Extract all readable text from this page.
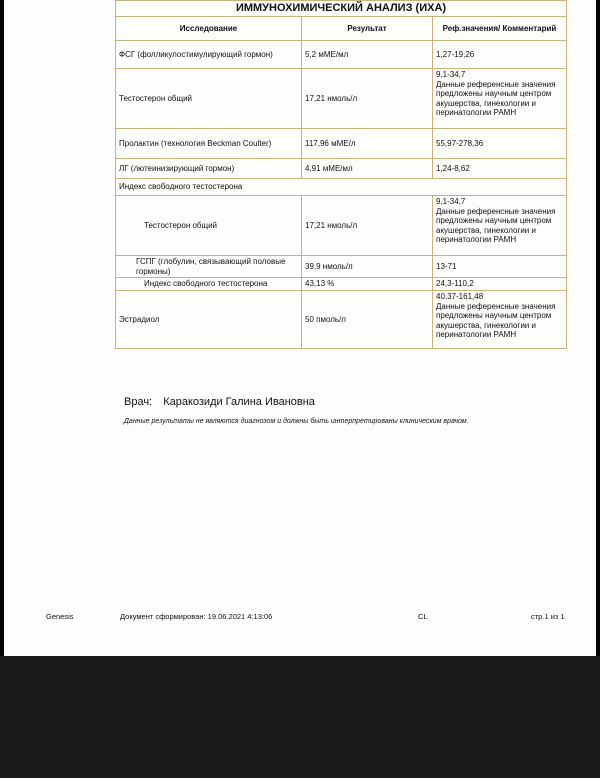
ИММУНОХИМИЧЕСКИЙ АНАЛИЗ (ИХА)		
Исследование	Результат	Реф.значения/ Комментарий
ФСГ (фолликулостимулирующий гормон)	5,2 мМЕ/мл	1,27-19,26
Тестостерон общий	17,21 нмоль/л	9,1-34,7
Данные референсные значения предложены научным центром акушерства, гинекологии и перинатологии РАМН

Пролактин (технология Beckman Coulter)	117,96 мМЕ/л	55,97-278,36
ЛГ (лютеинизирующий гормон)	4,91 мМЕ/мл	1,24-8,62
Индекс свободного тестостерона		
Тестостерон общий	17,21 нмоль/л	9,1-34,7
Данные референсные значения предложены научным центром акушерства, гинекологии и перинатологии РАМН

ГСПГ (глобулин, связывающий половые гормоны)	39,9 нмоль/л	13-71
Индекс свободного тестостерона	43,13 %	24,3-110,2
Эстрадиол	50 пмоль/л	40,37-161,48
Данные референсные значения предложены научным центром акушерства, гинекологии и перинатологии РАМН
Врач: Каракозиди Галина Ивановна
Данные результаты не являются диагнозом и должны быть интерпретированы клиническим врачом.
Genesis	Документ сформирован: 19.06.2021 4:13:06	CL	стр.1 из 1
